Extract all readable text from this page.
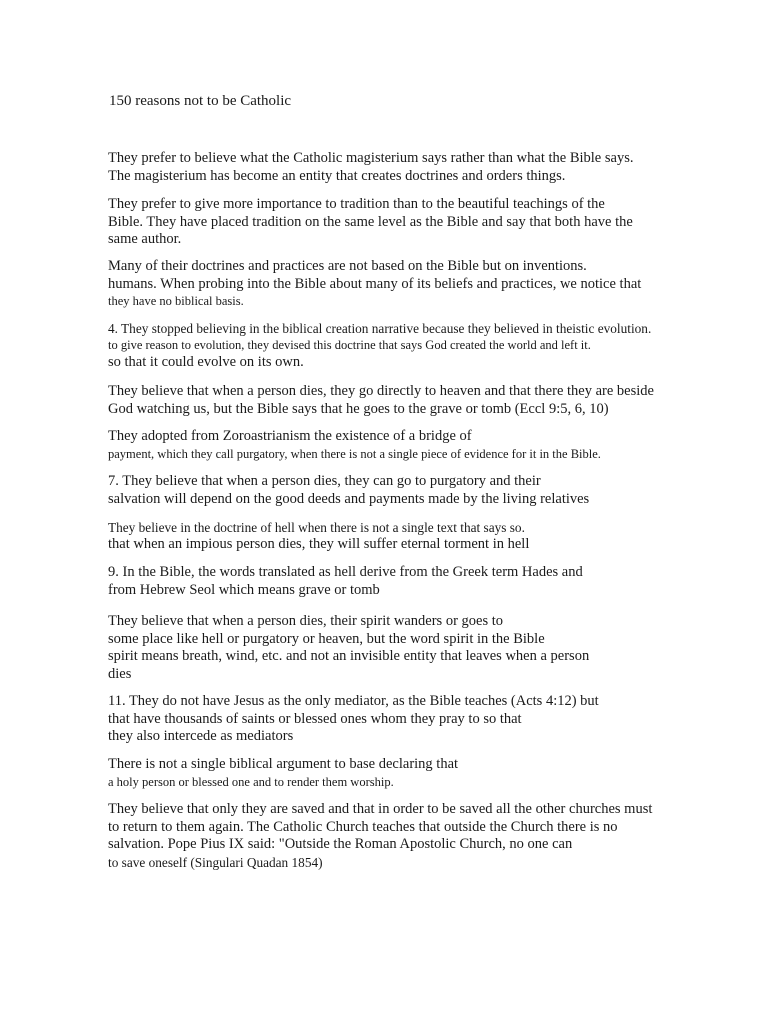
150 reasons not to be Catholic
They prefer to believe what the Catholic magisterium says rather than what the Bible says.
The magisterium has become an entity that creates doctrines and orders things.
They prefer to give more importance to tradition than to the beautiful teachings of the
Bible. They have placed tradition on the same level as the Bible and say that both have the
same author.
Many of their doctrines and practices are not based on the Bible but on inventions.
humans. When probing into the Bible about many of its beliefs and practices, we notice that
they have no biblical basis.
4. They stopped believing in the biblical creation narrative because they believed in theistic evolution.
to give reason to evolution, they devised this doctrine that says God created the world and left it.
so that it could evolve on its own.
They believe that when a person dies, they go directly to heaven and that there they are beside
God watching us, but the Bible says that he goes to the grave or tomb (Eccl 9:5, 6, 10)
They adopted from Zoroastrianism the existence of a bridge of
payment, which they call purgatory, when there is not a single piece of evidence for it in the Bible.
7. They believe that when a person dies, they can go to purgatory and their
salvation will depend on the good deeds and payments made by the living relatives
They believe in the doctrine of hell when there is not a single text that says so.
that when an impious person dies, they will suffer eternal torment in hell
9. In the Bible, the words translated as hell derive from the Greek term Hades and
from Hebrew Seol which means grave or tomb
They believe that when a person dies, their spirit wanders or goes to
some place like hell or purgatory or heaven, but the word spirit in the Bible
spirit means breath, wind, etc. and not an invisible entity that leaves when a person
dies
11. They do not have Jesus as the only mediator, as the Bible teaches (Acts 4:12) but
that have thousands of saints or blessed ones whom they pray to so that
they also intercede as mediators
There is not a single biblical argument to base declaring that
a holy person or blessed one and to render them worship.
They believe that only they are saved and that in order to be saved all the other churches must
to return to them again. The Catholic Church teaches that outside the Church there is no
salvation. Pope Pius IX said: "Outside the Roman Apostolic Church, no one can
to save oneself (Singulari Quadan 1854)
